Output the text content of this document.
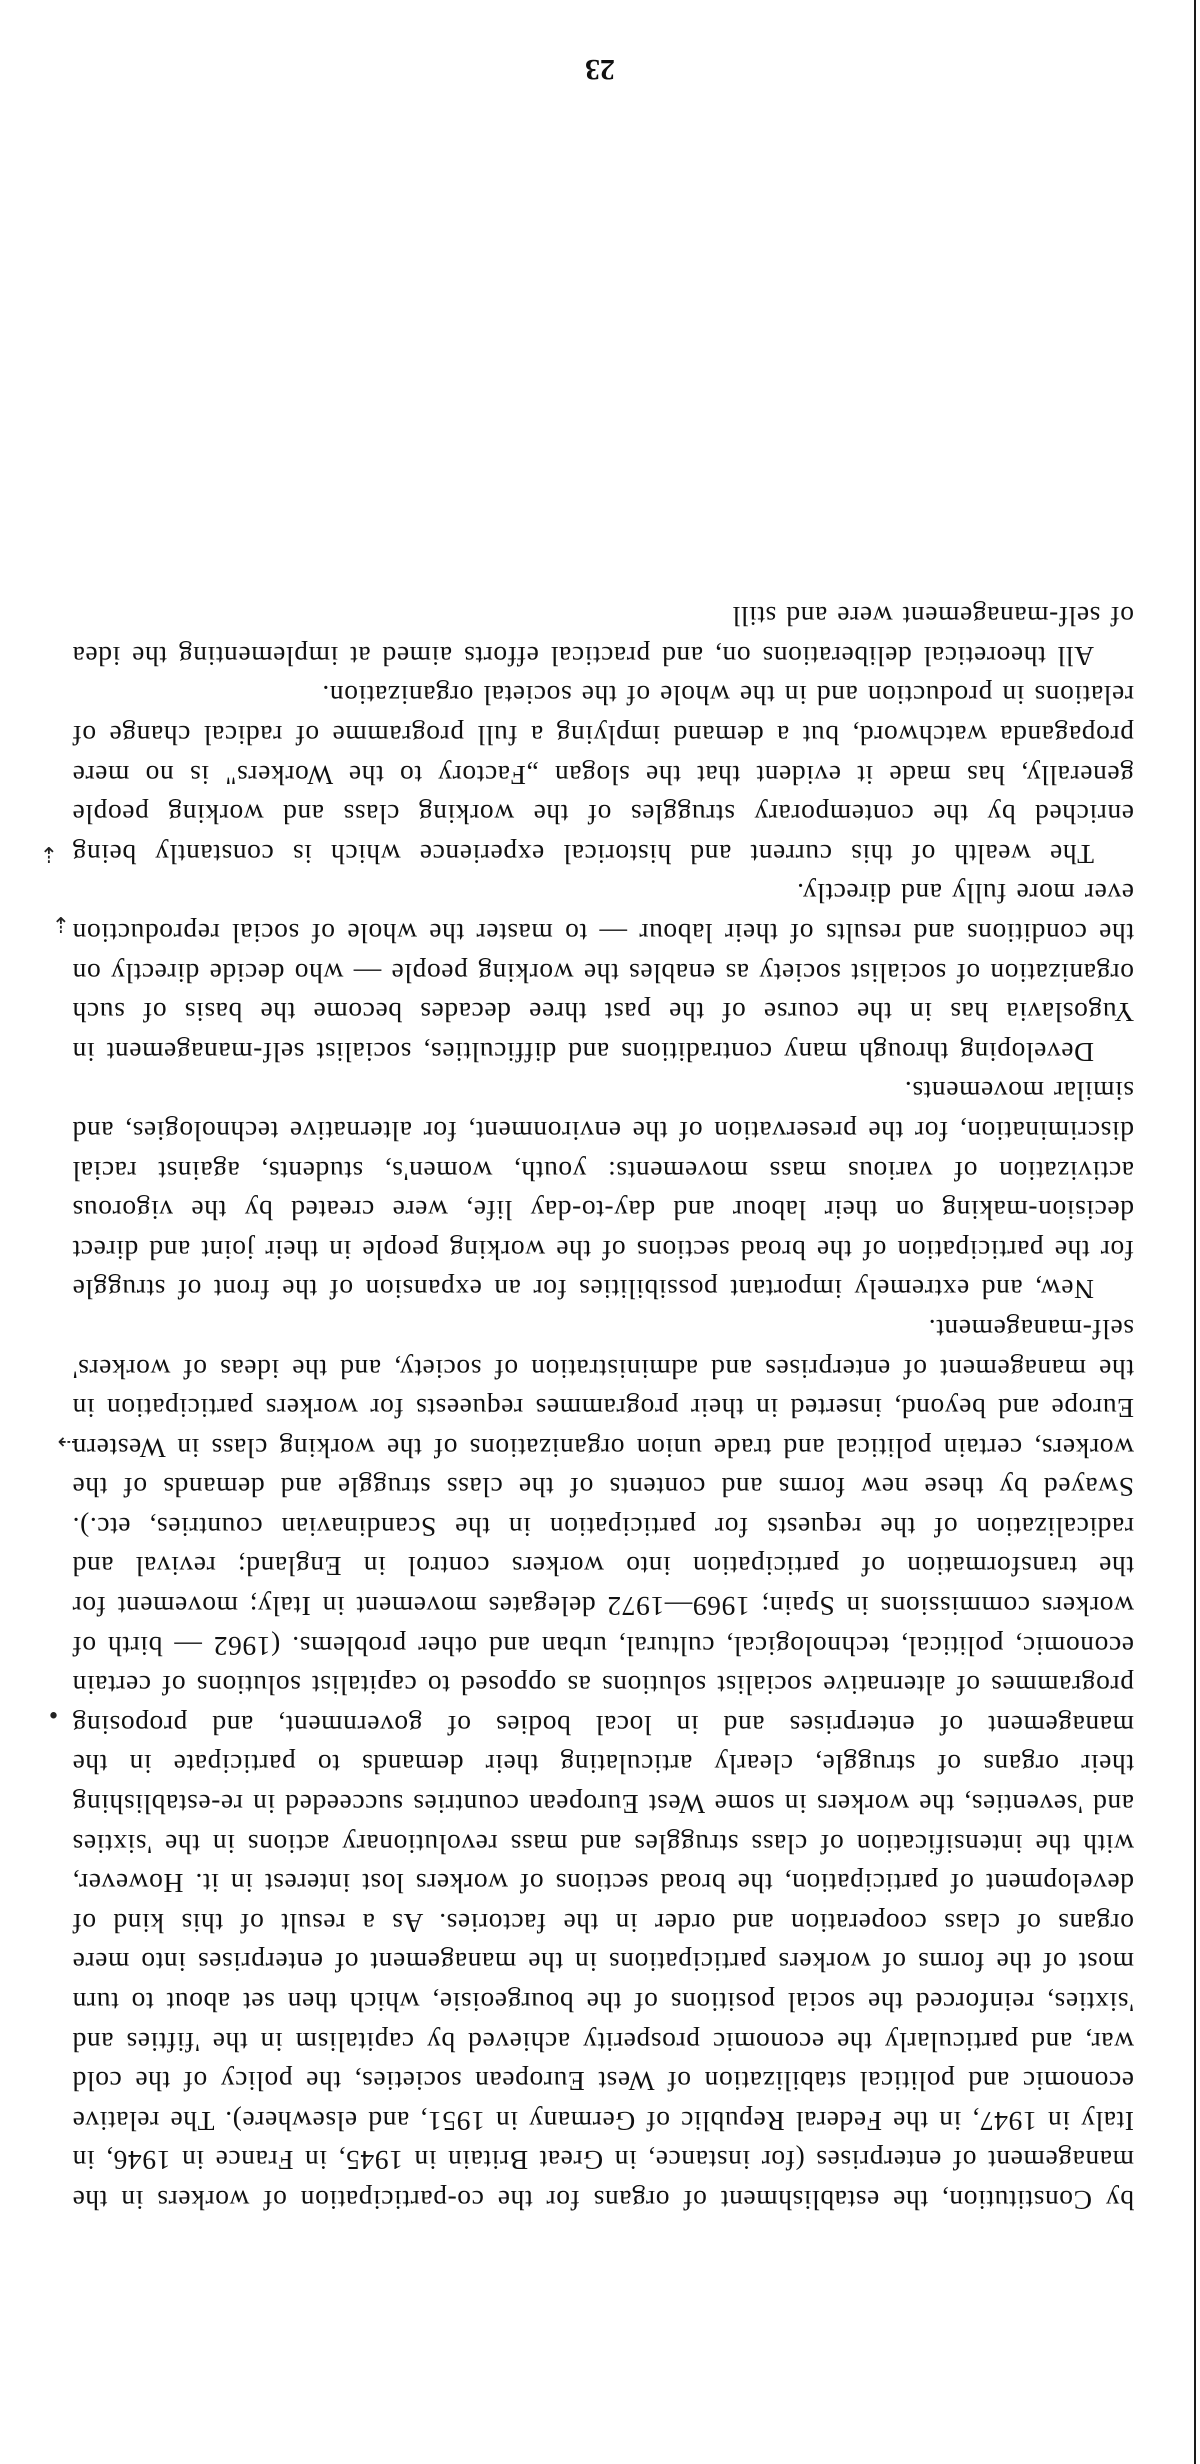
by Constitution, the establishment of organs for the co-participation of workers in the management of enterprises (for instance, in Great Britain in 1945, in France in 1946, in Italy in 1947, in the Federal Republic of Germany in 1951, and elsewhere). The relative economic and political stabilization of West European societies, the policy of the cold war, and particularly the economic prosperity achieved by capitalism in the 'fifties and 'sixties, reinforced the social positions of the bourgeoisie, which then set about to turn most of the forms of workers participations in the management of enterprises into mere organs of class cooperation and order in the factories. As a result of this kind of development of participation, the broad sections of workers lost interest in it. However, with the intensification of class struggles and mass revolutionary actions in the 'sixties and 'seventies, the workers in some West European countries succeeded in re-establishing their organs of struggle, clearly articulating their demands to participate in the management of enterprises and in local bodies of government, and proposing programmes of alternative socialist solutions as opposed to capitalist solutions of certain economic, political, technological, cultural, urban and other problems. (1962 — birth of workers commissions in Spain; 1969—1972 delegates movement in Italy; movement for the transformation of participation into workers control in England; revival and radicalization of the requests for participation in the Scandinavian countries, etc.). Swayed by these new forms and contents of the class struggle and demands of the workers, certain political and trade union organizations of the working class in Western Europe and beyond, inserted in their programmes requeests for workers participation in the management of enterprises and administration of society, and the ideas of workers' self-management.

New, and extremely important possibilities for an expansion of the front of struggle for the participation of the broad sections of the working people in their joint and direct decision-making on their labour and day-to-day life, were created by the vigorous activization of various mass movements: youth, women's, students, against racial discrimination, for the preservation of the environment, for alternative technologies, and similar movements.

Developing through many contraditions and difficulties, socialist self-management in Yugoslavia has in the course of the past three decades become the basis of such organization of socialist society as enables the working people — who decide directly on the conditions and results of their labour — to master the whole of social reproduction ever more fully and directly.

The wealth of this current and historical experience which is constantly being enriched by the contemporary struggles of the working class and working people generally, has made it evident that the slogan „Factory to the Workers" is no mere propaganda watchword, but a demand implying a full programme of radical change of relations in production and in the whole of the societal organization.

All theoretical deliberations on, and practical efforts aimed at implementing the idea of self-management were and still

⇣
⇣
⇢
•
23
